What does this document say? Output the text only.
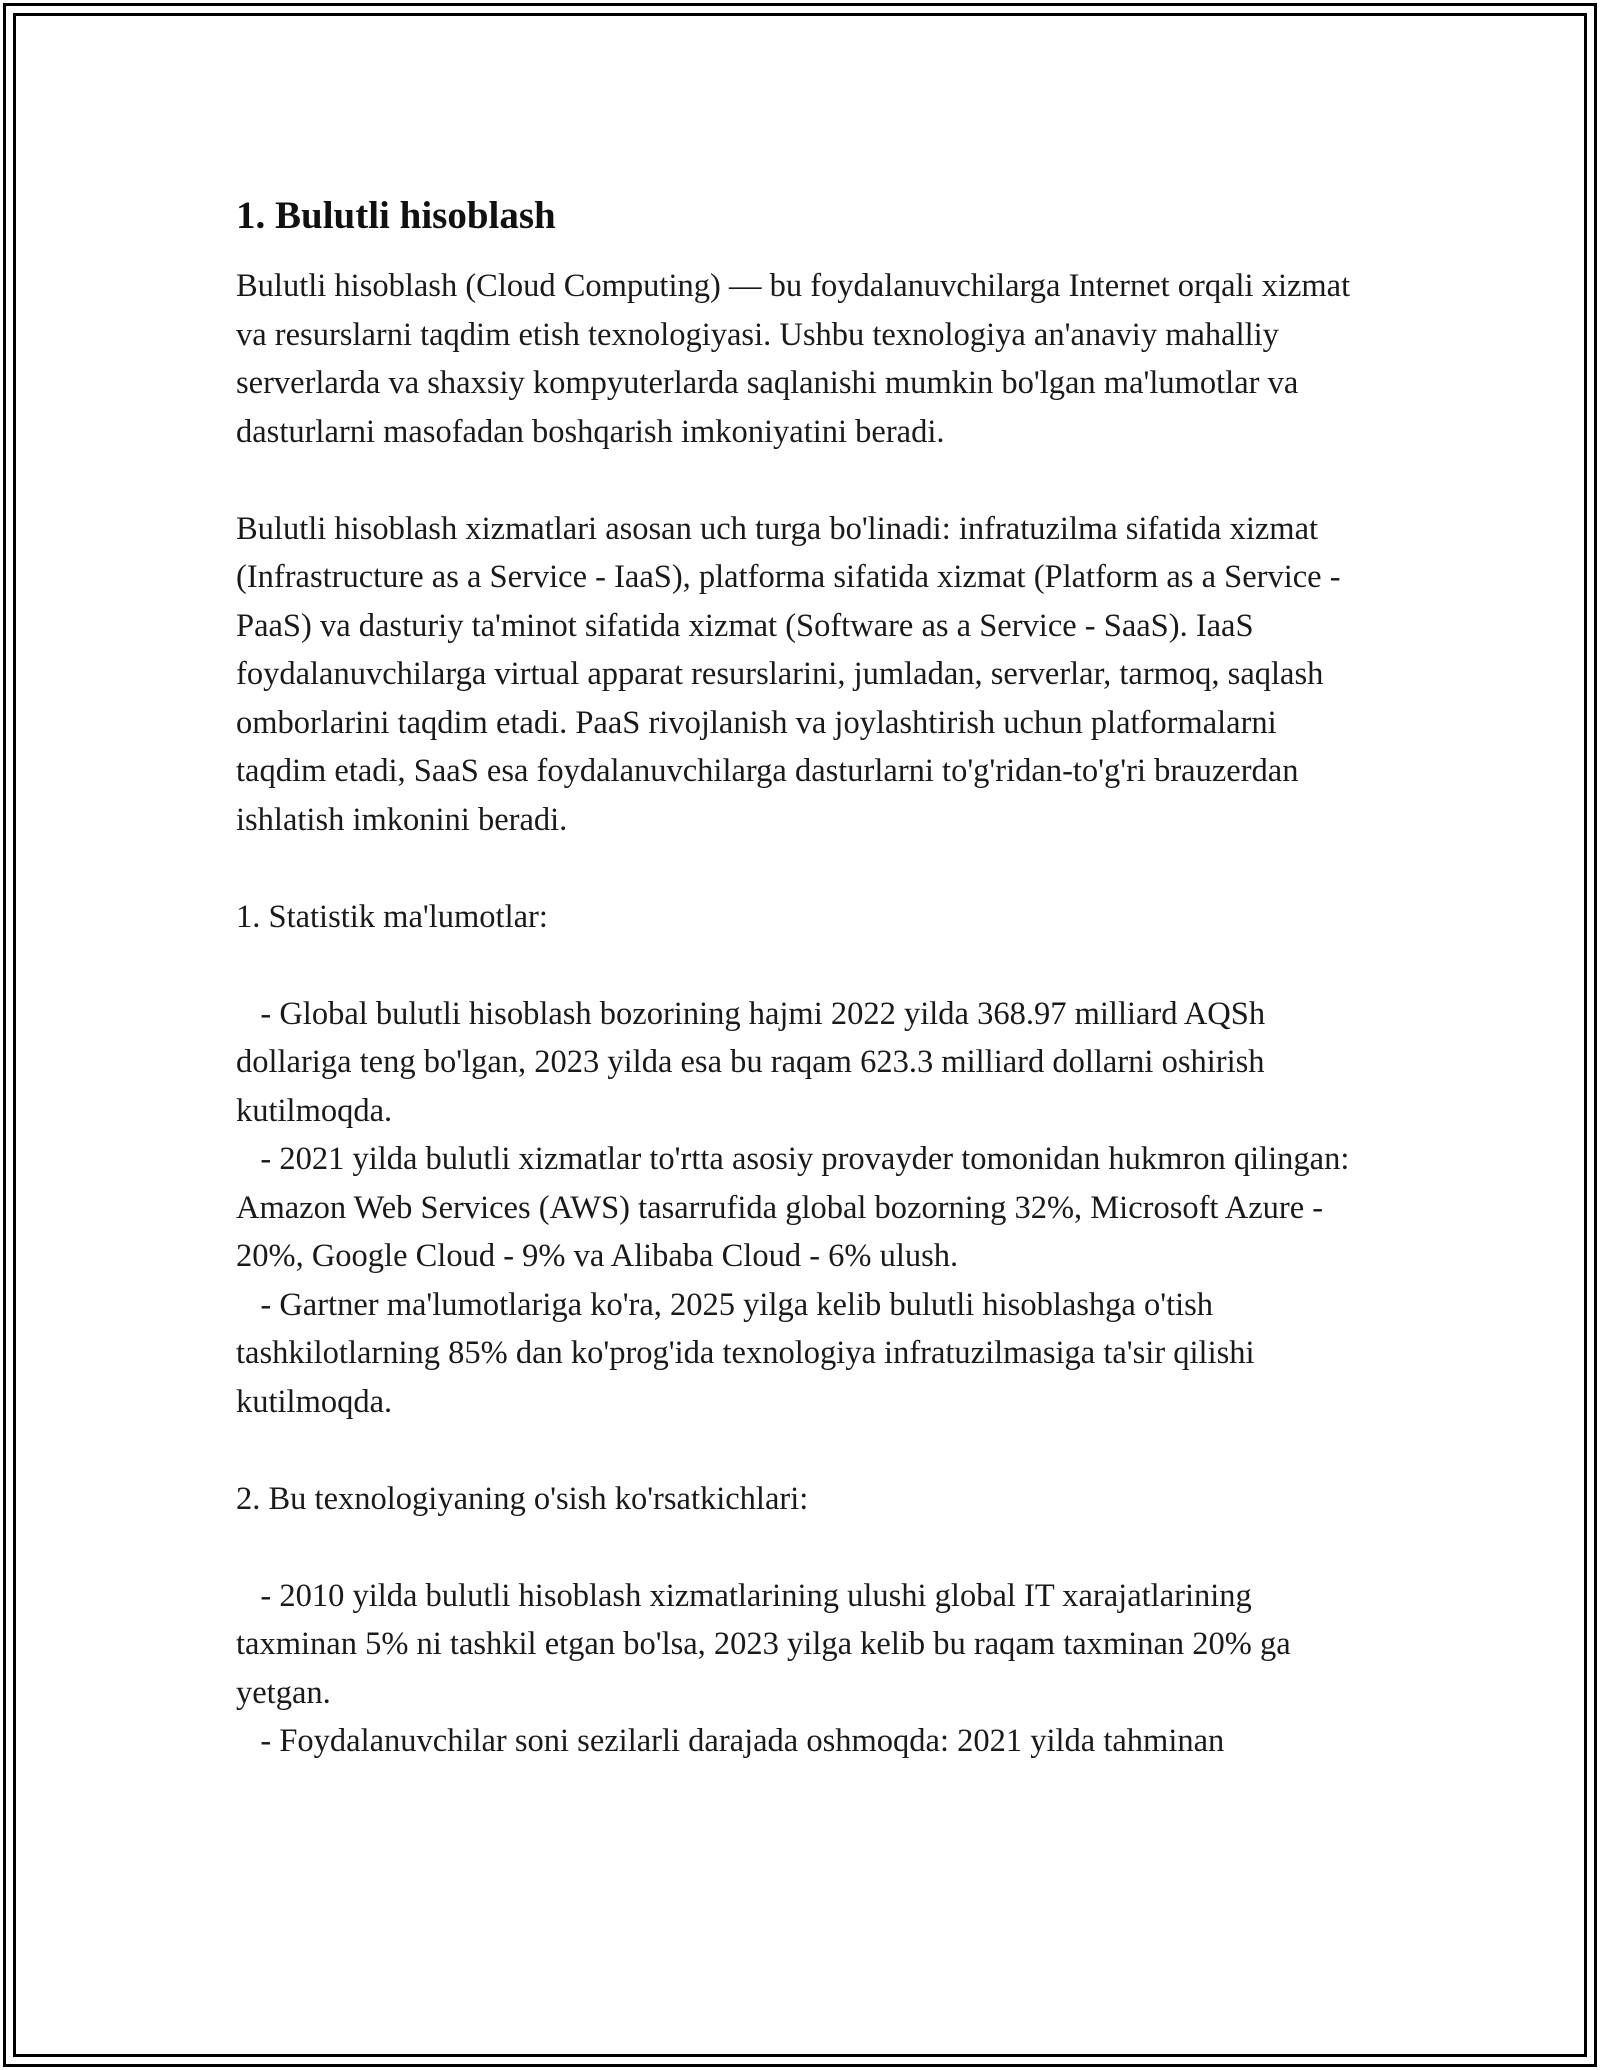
1. Bulutli hisoblash

Bulutli hisoblash (Cloud Computing) — bu foydalanuvchilarga Internet orqali xizmat va resurslarni taqdim etish texnologiyasi. Ushbu texnologiya an'anaviy mahalliy serverlarda va shaxsiy kompyuterlarda saqlanishi mumkin bo'lgan ma'lumotlar va dasturlarni masofadan boshqarish imkoniyatini beradi.

Bulutli hisoblash xizmatlari asosan uch turga bo'linadi: infratuzilma sifatida xizmat (Infrastructure as a Service - IaaS), platforma sifatida xizmat (Platform as a Service - PaaS) va dasturiy ta'minot sifatida xizmat (Software as a Service - SaaS). IaaS foydalanuvchilarga virtual apparat resurslarini, jumladan, serverlar, tarmoq, saqlash omborlarini taqdim etadi. PaaS rivojlanish va joylashtirish uchun platformalarni taqdim etadi, SaaS esa foydalanuvchilarga dasturlarni to'g'ridan-to'g'ri brauzerdan ishlatish imkonini beradi.

1. Statistik ma'lumotlar:

- Global bulutli hisoblash bozorining hajmi 2022 yilda 368.97 milliard AQSh dollariga teng bo'lgan, 2023 yilda esa bu raqam 623.3 milliard dollarni oshirish kutilmoqda.

- 2021 yilda bulutli xizmatlar to'rtta asosiy provayder tomonidan hukmron qilingan: Amazon Web Services (AWS) tasarrufida global bozorning 32%, Microsoft Azure - 20%, Google Cloud - 9% va Alibaba Cloud - 6% ulush.

- Gartner ma'lumotlariga ko'ra, 2025 yilga kelib bulutli hisoblashga o'tish tashkilotlarning 85% dan ko'prog'ida texnologiya infratuzilmasiga ta'sir qilishi kutilmoqda.

2. Bu texnologiyaning o'sish ko'rsatkichlari:

- 2010 yilda bulutli hisoblash xizmatlarining ulushi global IT xarajatlarining taxminan 5% ni tashkil etgan bo'lsa, 2023 yilga kelib bu raqam taxminan 20% ga yetgan.

- Foydalanuvchilar soni sezilarli darajada oshmoqda: 2021 yilda tahminan
